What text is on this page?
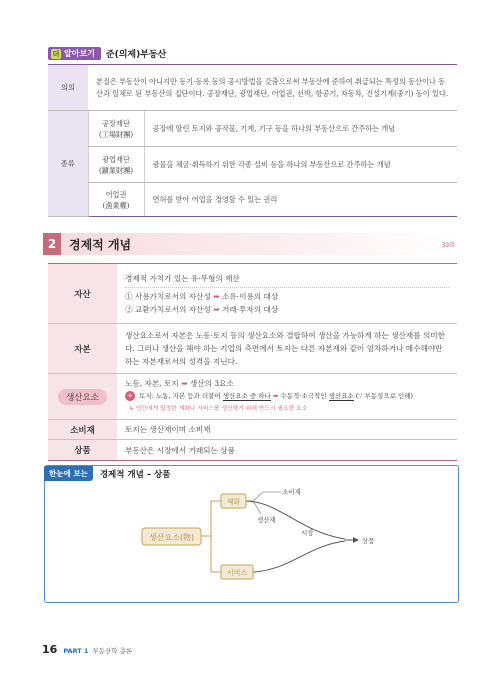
더 알아보기 준(의제)부동산
의의	본질은 부동산이 아니지만 등기·등록 등의 공시방법을 갖춤으로써 부동산에 준하여 취급되는 특정의 동산이나 동산과 일체로 된 부동산의 집단이다. 공장재단, 광업재단, 어업권, 선박, 항공기, 자동차, 건설기계(중기) 등이 있다.	
종류	공장재단
(工場財團)	공장에 딸린 토지와 공작물, 기계, 기구 등을 하나의 부동산으로 간주하는 개념

	광업재단
(鑛業財團)	광물을 채굴·취득하기 위한 각종 설비 등을 하나의 부동산으로 간주하는 개념

	어업권
(漁業權)	면허를 받아 어업을 경영할 수 있는 권리
2	경제적 개념	33회
자산	경제적 가치가 있는 유·무형의 재산
① 사용가치로서의 자산성 ➡ 소유·이용의 대상
② 교환가치로서의 자산성 ➡ 거래·투자의 대상

자본	생산요소로서 자본은 노동·토지 등의 생산요소와 결합하여 생산을 가능하게 하는 생산재를 의미한다. 그러나 생산을 해야 하는 기업의 측면에서 토지는 다른 자본재와 같이 임차하거나 매수해야만 하는 자본재로서의 성격을 지닌다.
생산요소	노동, 자본, 토지 ➡ 생산의 3요소
+ 토지: 노동, 자본 등과 더불어 생산요소 중 하나 ➡ 수동적·소극적인 생산요소 (∵ 부동성으로 인해)
↳ 인간에게 일정한 재화나 서비스를 생산하기 위해 반드시 필요한 요소

소비재	토지는 생산재이며 소비재
상품	부동산은 시장에서 거래되는 상품
한눈에 보는	경제적 개념 – 상품
생산요소(物)
재화
서비스
소비재
생산재
시장
상품
16 PART 1 부동산학 총론
